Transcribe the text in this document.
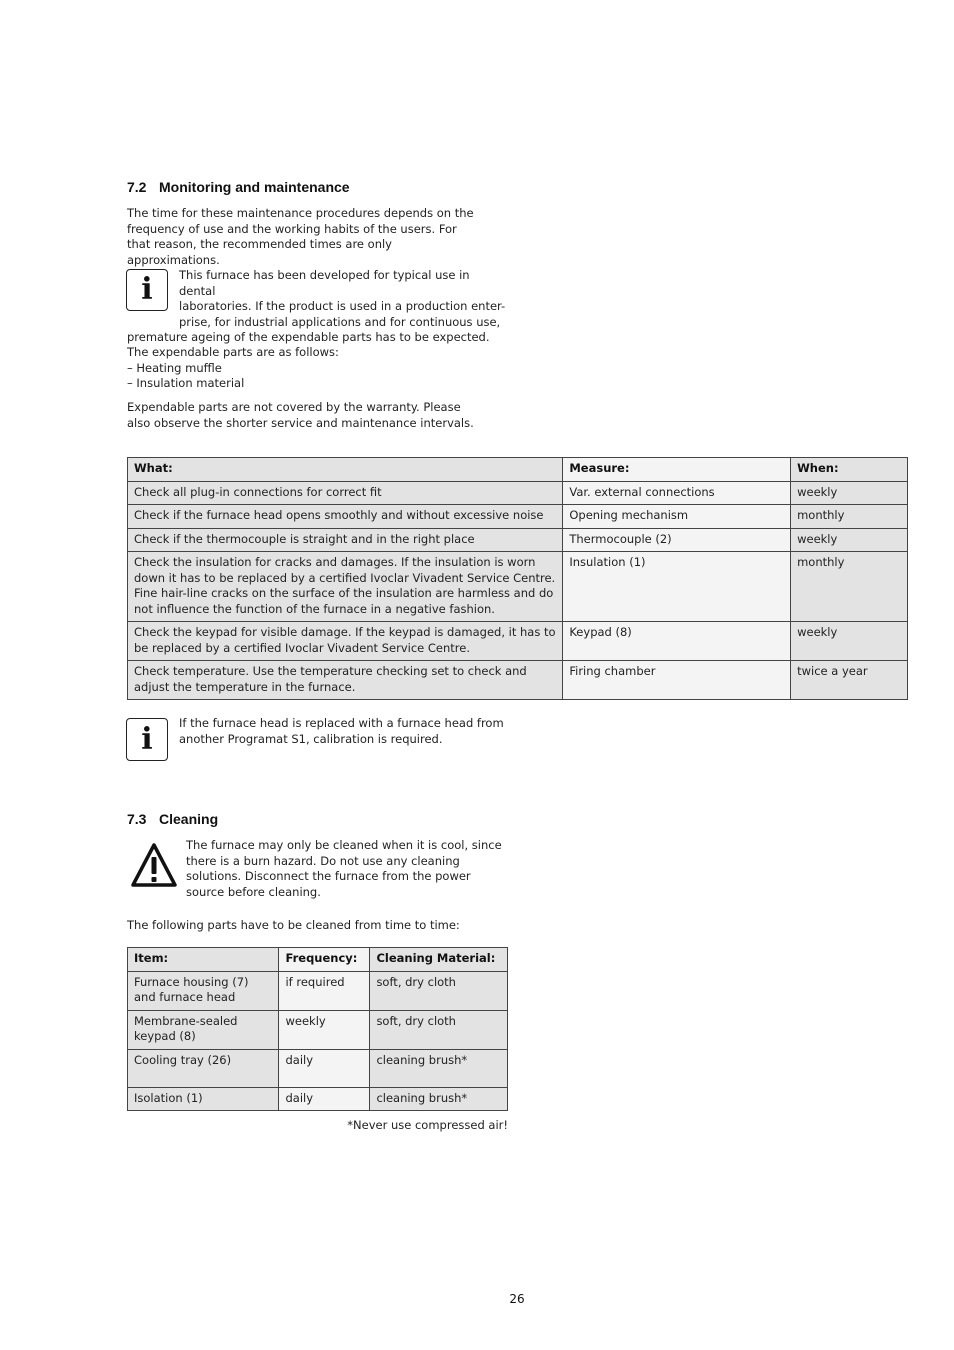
7.2 Monitoring and maintenance

The time for these maintenance procedures depends on the frequency of use and the working habits of the users. For that reason, the recommended times are only approximations.

i	This furnace has been developed for typical use in dental

laboratories. If the product is used in a production enter-

prise, for industrial applications and for continuous use,

premature ageing of the expendable parts has to be expected.

The expendable parts are as follows:

– Heating muffle

– Insulation material

Expendable parts are not covered by the warranty. Please also observe the shorter service and maintenance intervals.

What:	Measure:	When:
Check all plug-in connections for correct fit	Var. external connections	weekly
Check if the furnace head opens smoothly and without excessive noise	Opening mechanism	monthly
Check if the thermocouple is straight and in the right place	Thermocouple (2)	weekly
Check the insulation for cracks and damages. If the insulation is worn down it has to be replaced by a certified Ivoclar Vivadent Service Centre. Fine hair-line cracks on the surface of the insulation are harmless and do not influence the function of the furnace in a negative fashion.	Insulation (1)	monthly
Check the keypad for visible damage. If the keypad is damaged, it has to be replaced by a certified Ivoclar Vivadent Service Centre.	Keypad (8)	weekly
Check temperature. Use the temperature checking set to check and adjust the temperature in the furnace.	Firing chamber	twice a year
i If the furnace head is replaced with a furnace head from another Programat S1, calibration is required.

7.3 Cleaning

The furnace may only be cleaned when it is cool, since there is a burn hazard. Do not use any cleaning solutions. Disconnect the furnace from the power source before cleaning.

The following parts have to be cleaned from time to time:

Item:	Frequency:	Cleaning Material:
Furnace housing (7) and furnace head	if required	soft, dry cloth
Membrane-sealed keypad (8)	weekly	soft, dry cloth
Cooling tray (26)	daily	cleaning brush*
Isolation (1)	daily	cleaning brush*

*Never use compressed air!

26
